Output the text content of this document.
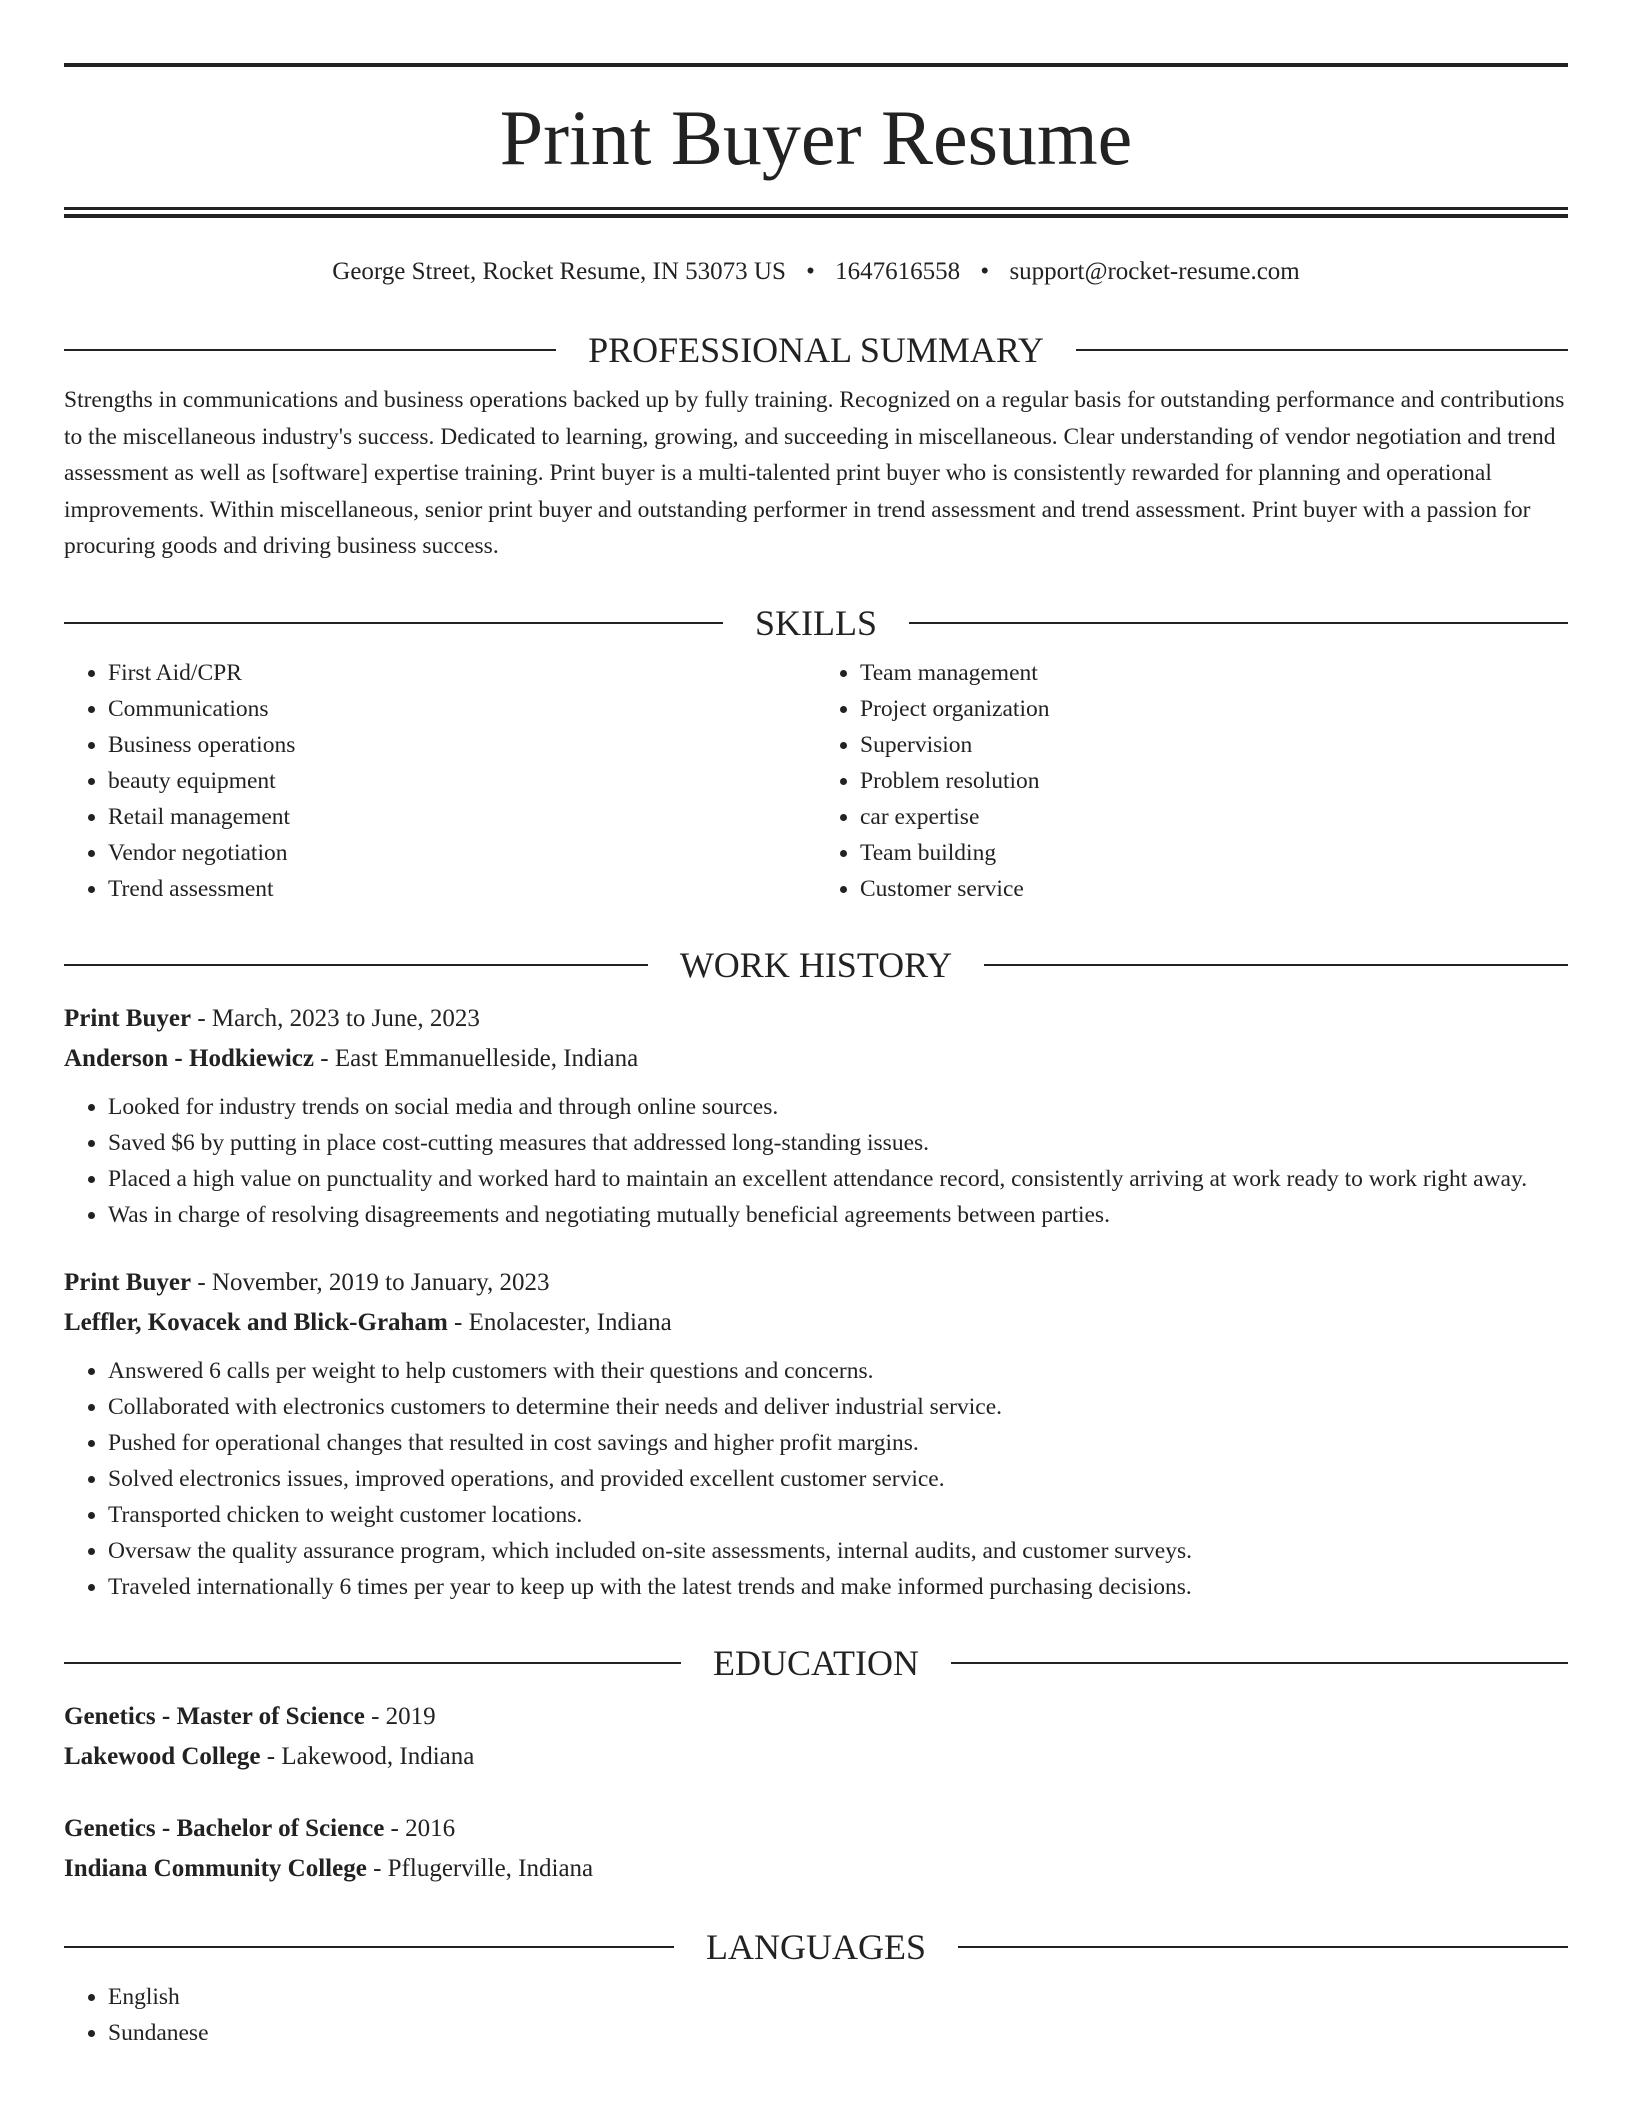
Print Buyer Resume
George Street, Rocket Resume, IN 53073 US • 1647616558 • support@rocket-resume.com
PROFESSIONAL SUMMARY

Strengths in communications and business operations backed up by fully training. Recognized on a regular basis for outstanding performance and contributions to the miscellaneous industry's success. Dedicated to learning, growing, and succeeding in miscellaneous. Clear understanding of vendor negotiation and trend assessment as well as [software] expertise training. Print buyer is a multi-talented print buyer who is consistently rewarded for planning and operational improvements. Within miscellaneous, senior print buyer and outstanding performer in trend assessment and trend assessment. Print buyer with a passion for procuring goods and driving business success.

SKILLS
• First Aid/CPR
• Communications
• Business operations
• beauty equipment
• Retail management
• Vendor negotiation
• Trend assessment
• Team management
• Project organization
• Supervision
• Problem resolution
• car expertise
• Team building
• Customer service
WORK HISTORY
Print Buyer - March, 2023 to June, 2023
Anderson - Hodkiewicz - East Emmanuelleside, Indiana
• Looked for industry trends on social media and through online sources.
• Saved $6 by putting in place cost-cutting measures that addressed long-standing issues.
• Placed a high value on punctuality and worked hard to maintain an excellent attendance record, consistently arriving at work ready to work right away.
• Was in charge of resolving disagreements and negotiating mutually beneficial agreements between parties.
Print Buyer - November, 2019 to January, 2023
Leffler, Kovacek and Blick-Graham - Enolacester, Indiana
• Answered 6 calls per weight to help customers with their questions and concerns.
• Collaborated with electronics customers to determine their needs and deliver industrial service.
• Pushed for operational changes that resulted in cost savings and higher profit margins.
• Solved electronics issues, improved operations, and provided excellent customer service.
• Transported chicken to weight customer locations.
• Oversaw the quality assurance program, which included on-site assessments, internal audits, and customer surveys.
• Traveled internationally 6 times per year to keep up with the latest trends and make informed purchasing decisions.
EDUCATION
Genetics - Master of Science - 2019
Lakewood College - Lakewood, Indiana
Genetics - Bachelor of Science - 2016
Indiana Community College - Pflugerville, Indiana
LANGUAGES
• English
• Sundanese
